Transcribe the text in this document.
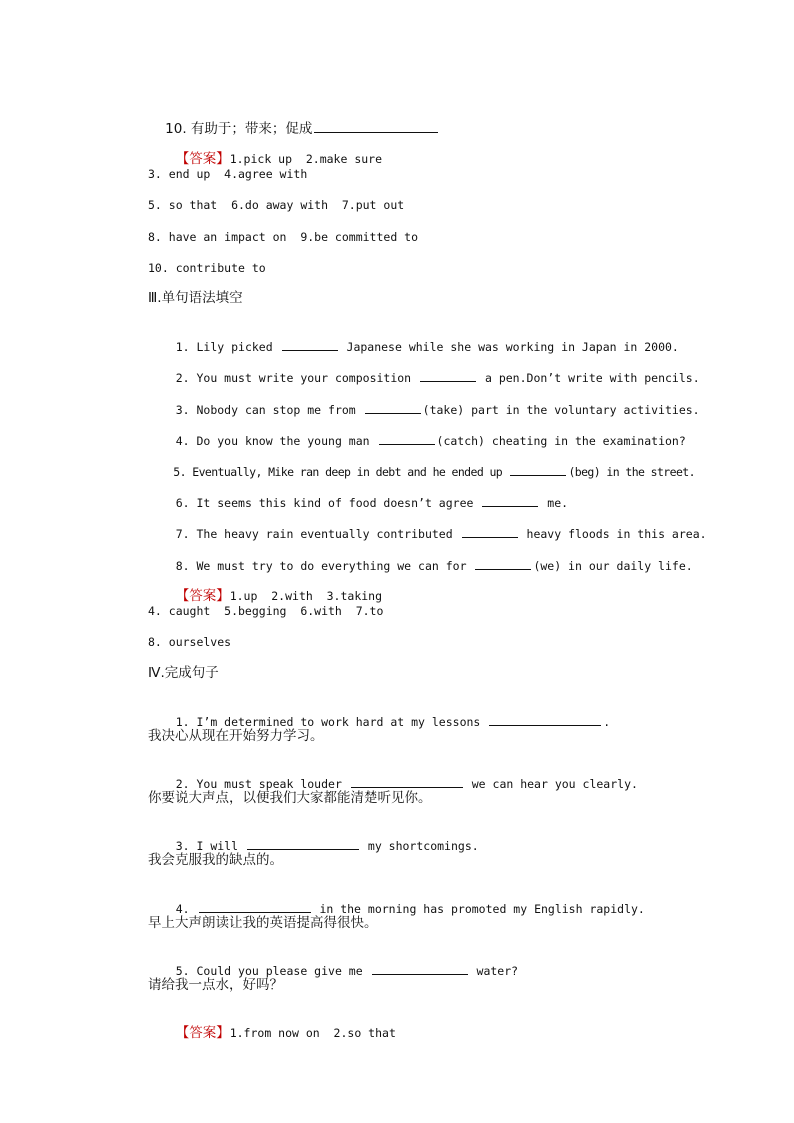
10. 有助于；带来；促成

【答案】1.pick up  2.make sure

3. end up  4.agree with
5. so that  6.do away with  7.put out
8. have an impact on  9.be committed to
10. contribute to
Ⅲ.单句语法填空

1. Lily picked	Japanese while she was working in Japan in 2000.

2. You must write your composition	a pen.Don’t write with pencils.

3. Nobody can stop me from	(take) part in the voluntary activities.

4. Do you know the young man	(catch) cheating in the examination?

5. Eventually, Mike ran deep in debt and he ended up	(beg) in the street.

6. It seems this kind of food doesn’t agree	me.

7. The heavy rain eventually contributed	heavy floods in this area.

8. We must try to do everything we can for	(we) in our daily life.

【答案】1.up  2.with  3.taking

4. caught  5.begging  6.with  7.to
8. ourselves
Ⅳ.完成句子

1. I’m determined to work hard at my lessons	.

我决心从现在开始努力学习。

2. You must speak louder	we can hear you clearly.

你要说大声点，以便我们大家都能清楚听见你。

3. I will	my shortcomings.

我会克服我的缺点的。

4.	in the morning has promoted my English rapidly.

早上大声朗读让我的英语提高得很快。

5. Could you please give me	water?

请给我一点水，好吗？

【答案】1.from now on  2.so that
